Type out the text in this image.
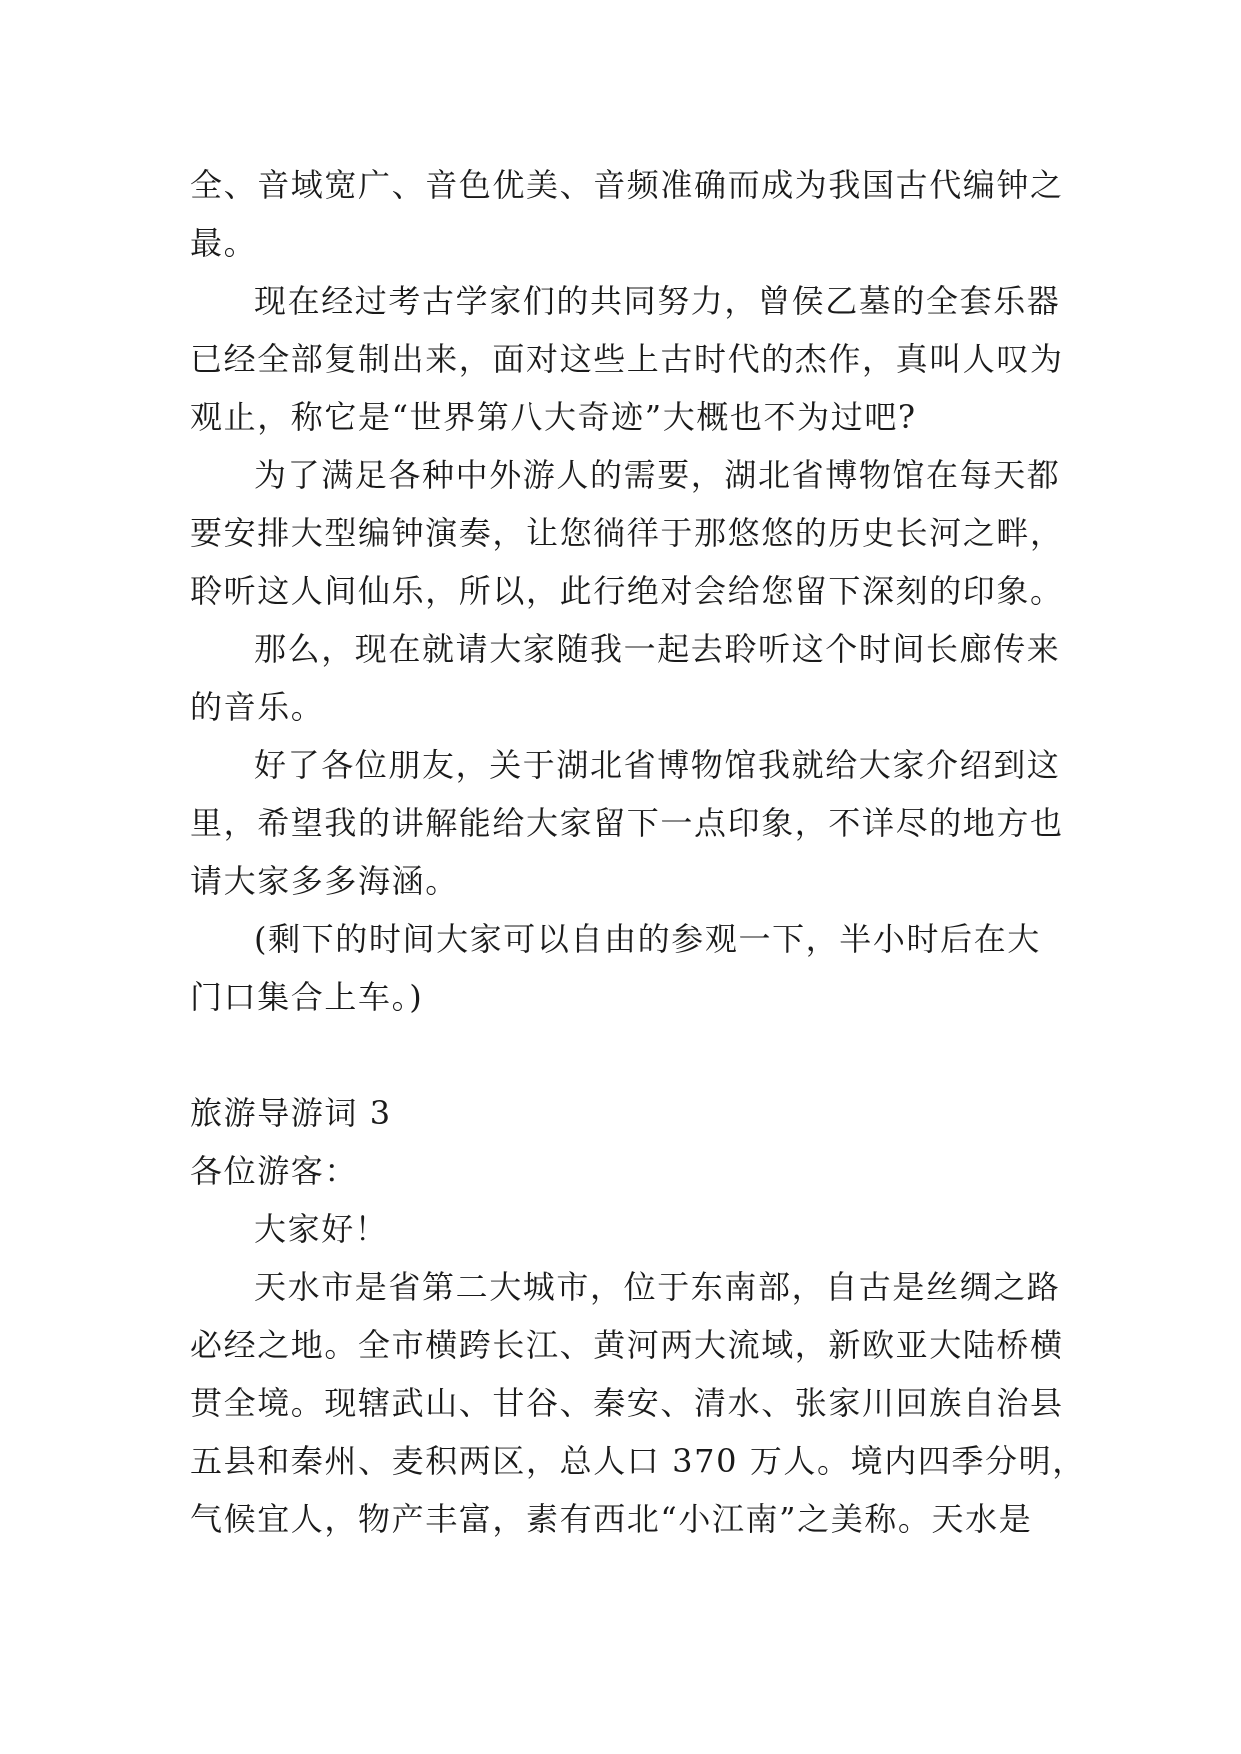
全、音域宽广、音色优美、音频准确而成为我国古代编钟之
最。
现在经过考古学家们的共同努力，曾侯乙墓的全套乐器
已经全部复制出来，面对这些上古时代的杰作，真叫人叹为
观止，称它是“世界第八大奇迹”大概也不为过吧?
为了满足各种中外游人的需要，湖北省博物馆在每天都
要安排大型编钟演奏，让您徜徉于那悠悠的历史长河之畔，
聆听这人间仙乐，所以，此行绝对会给您留下深刻的印象。
那么，现在就请大家随我一起去聆听这个时间长廊传来
的音乐。
好了各位朋友，关于湖北省博物馆我就给大家介绍到这
里，希望我的讲解能给大家留下一点印象，不详尽的地方也
请大家多多海涵。
(剩下的时间大家可以自由的参观一下，半小时后在大
门口集合上车。)
旅游导游词 3
各位游客：
大家好！
天水市是省第二大城市，位于东南部，自古是丝绸之路
必经之地。全市横跨长江、黄河两大流域，新欧亚大陆桥横
贯全境。现辖武山、甘谷、秦安、清水、张家川回族自治县
五县和秦州、麦积两区，总人口 370 万人。境内四季分明，
气候宜人，物产丰富，素有西北“小江南”之美称。天水是
